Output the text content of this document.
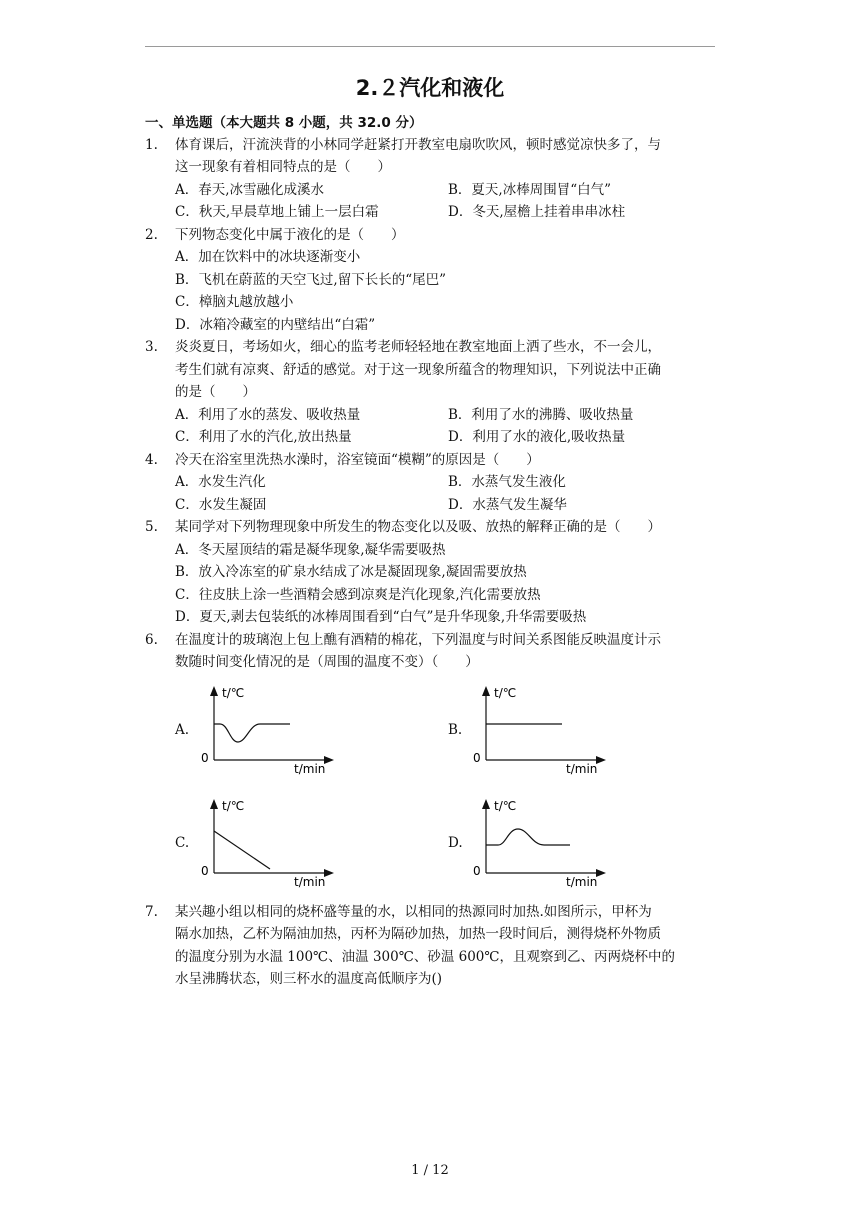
2.２汽化和液化
一、单选题（本大题共 8 小题，共 32.0 分）
1. 体育课后，汗流浃背的小林同学赶紧打开教室电扇吹吹风，顿时感觉凉快多了，与
这一现象有着相同特点的是（　　）
A．春天,冰雪融化成溪水	B．夏天,冰棒周围冒“白气”
C．秋天,早晨草地上铺上一层白霜	D．冬天,屋檐上挂着串串冰柱
2. 下列物态变化中属于液化的是（　　）
A．加在饮料中的冰块逐渐变小
B．飞机在蔚蓝的天空飞过,留下长长的“尾巴”
C．樟脑丸越放越小
D．冰箱冷藏室的内壁结出“白霜”
3. 炎炎夏日，考场如火，细心的监考老师轻轻地在教室地面上洒了些水，不一会儿，
考生们就有凉爽、舒适的感觉。对于这一现象所蕴含的物理知识，下列说法中正确
的是（　　）
A．利用了水的蒸发、吸收热量	B．利用了水的沸腾、吸收热量
C．利用了水的汽化,放出热量	D．利用了水的液化,吸收热量
4. 冷天在浴室里洗热水澡时，浴室镜面“模糊”的原因是（　　）
A．水发生汽化	B．水蒸气发生液化
C．水发生凝固	D．水蒸气发生凝华
5. 某同学对下列物理现象中所发生的物态变化以及吸、放热的解释正确的是（　　）
A．冬天屋顶结的霜是凝华现象,凝华需要吸热
B．放入冷冻室的矿泉水结成了冰是凝固现象,凝固需要放热
C．往皮肤上涂一些酒精会感到凉爽是汽化现象,汽化需要放热
D．夏天,剥去包装纸的冰棒周围看到“白气”是升华现象,升华需要吸热
6. 在温度计的玻璃泡上包上醮有酒精的棉花，下列温度与时间关系图能反映温度计示
数随时间变化情况的是（周围的温度不变）（　　）
A.
t/℃
0
t/min
B.
t/℃
0
t/min
C.
t/℃
0
t/min
D.
t/℃
0
t/min
7. 某兴趣小组以相同的烧杯盛等量的水，以相同的热源同时加热.如图所示，甲杯为
隔水加热，乙杯为隔油加热，丙杯为隔砂加热，加热一段时间后，测得烧杯外物质
的温度分别为水温 100℃、油温 300℃、砂温 600℃，且观察到乙、丙两烧杯中的
水呈沸腾状态，则三杯水的温度高低顺序为()
1 / 12
